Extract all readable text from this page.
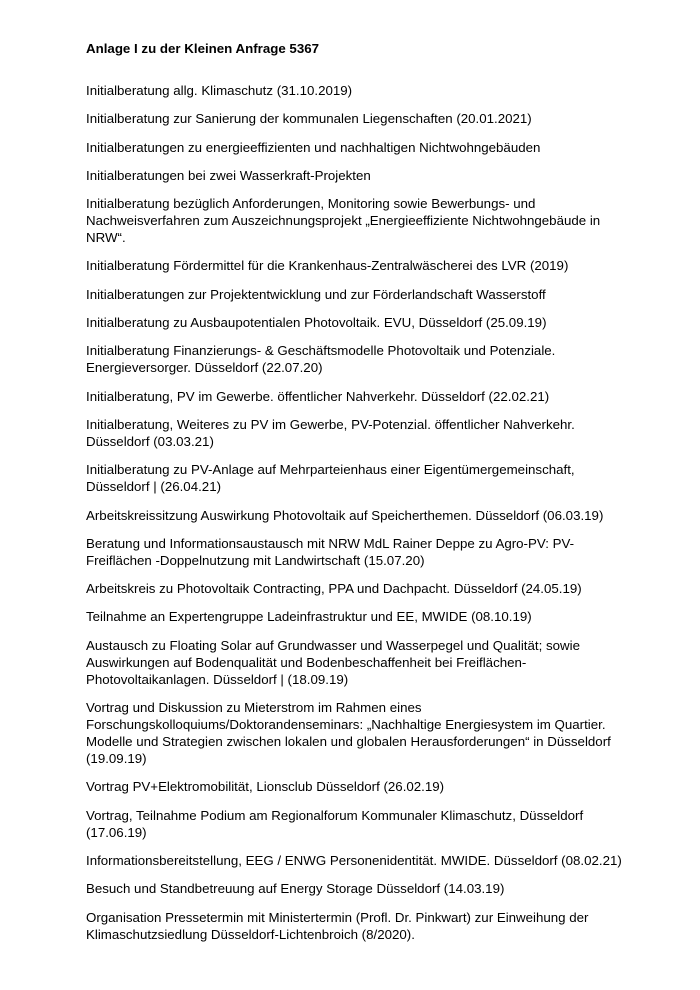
Anlage I zu der Kleinen Anfrage 5367
Initialberatung allg. Klimaschutz (31.10.2019)
Initialberatung zur Sanierung der kommunalen Liegenschaften (20.01.2021)
Initialberatungen zu energieeffizienten und nachhaltigen Nichtwohngebäuden
Initialberatungen bei zwei Wasserkraft-Projekten
Initialberatung bezüglich Anforderungen, Monitoring sowie Bewerbungs- und
Nachweisverfahren zum Auszeichnungsprojekt „Energieeffiziente Nichtwohngebäude in
NRW“.
Initialberatung Fördermittel für die Krankenhaus-Zentralwäscherei des LVR (2019)
Initialberatungen zur Projektentwicklung und zur Förderlandschaft Wasserstoff
Initialberatung zu Ausbaupotentialen Photovoltaik. EVU, Düsseldorf (25.09.19)
Initialberatung Finanzierungs- & Geschäftsmodelle Photovoltaik und Potenziale.
Energieversorger. Düsseldorf (22.07.20)
Initialberatung, PV im Gewerbe. öffentlicher Nahverkehr. Düsseldorf (22.02.21)
Initialberatung, Weiteres zu PV im Gewerbe, PV-Potenzial. öffentlicher Nahverkehr.
Düsseldorf (03.03.21)
Initialberatung zu PV-Anlage auf Mehrparteienhaus einer Eigentümergemeinschaft,
Düsseldorf | (26.04.21)
Arbeitskreissitzung Auswirkung Photovoltaik auf Speicherthemen. Düsseldorf (06.03.19)
Beratung und Informationsaustausch mit NRW MdL Rainer Deppe zu Agro-PV: PV-
Freiflächen -Doppelnutzung mit Landwirtschaft (15.07.20)
Arbeitskreis zu Photovoltaik Contracting, PPA und Dachpacht. Düsseldorf (24.05.19)
Teilnahme an Expertengruppe Ladeinfrastruktur und EE, MWIDE (08.10.19)
Austausch zu Floating Solar auf Grundwasser und Wasserpegel und Qualität; sowie
Auswirkungen auf Bodenqualität und Bodenbeschaffenheit bei Freiflächen-
Photovoltaikanlagen. Düsseldorf | (18.09.19)
Vortrag und Diskussion zu Mieterstrom im Rahmen eines
Forschungskolloquiums/Doktorandenseminars: „Nachhaltige Energiesystem im Quartier.
Modelle und Strategien zwischen lokalen und globalen Herausforderungen“ in Düsseldorf
(19.09.19)
Vortrag PV+Elektromobilität, Lionsclub Düsseldorf (26.02.19)
Vortrag, Teilnahme Podium am Regionalforum Kommunaler Klimaschutz, Düsseldorf
(17.06.19)
Informationsbereitstellung, EEG / ENWG Personenidentität. MWIDE. Düsseldorf (08.02.21)
Besuch und Standbetreuung auf Energy Storage Düsseldorf (14.03.19)
Organisation Pressetermin mit Ministertermin (Profl. Dr. Pinkwart) zur Einweihung der
Klimaschutzsiedlung Düsseldorf-Lichtenbroich (8/2020).
